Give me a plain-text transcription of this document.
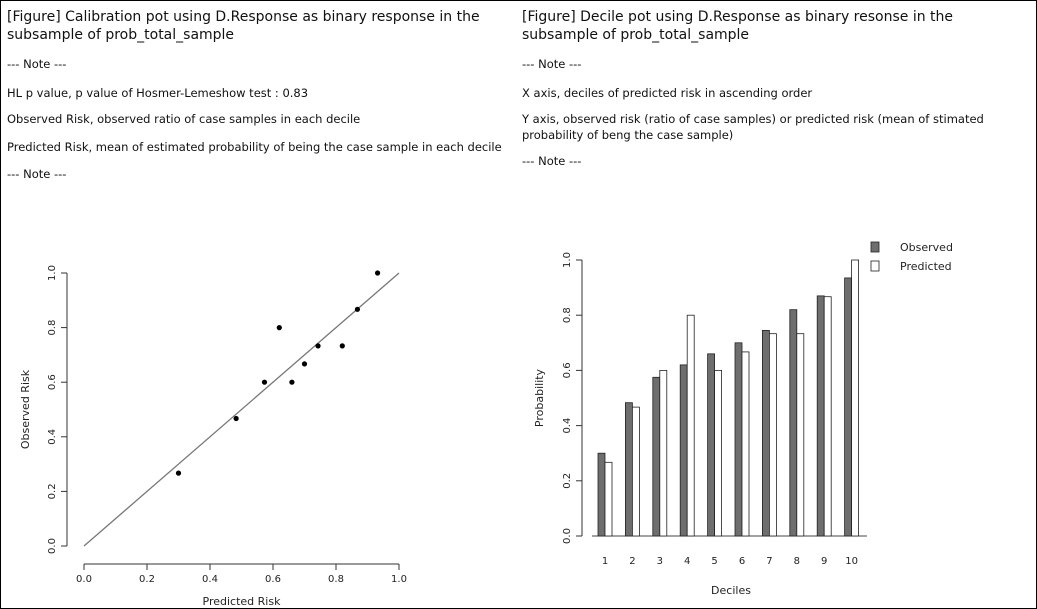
[Figure] Calibration pot using D.Response as binary response in the subsample of prob_total_sample

--- Note ---

HL p value, p value of Hosmer-Lemeshow test : 0.83

Observed Risk, observed ratio of case samples in each decile

Predicted Risk, mean of estimated probability of being the case sample in each decile

--- Note ---

0.0	0.2	0.4	0.6	0.8	1.0
0.0
0.2
0.4
0.6
0.8
1.0
Predicted Risk
Observed Risk

[Figure] Decile pot using D.Response as binary resonse in the subsample of prob_total_sample

--- Note ---

X axis, deciles of predicted risk in ascending order

Y axis, observed risk (ratio of case samples) or predicted risk (mean of stimated probability of beng the case sample)

--- Note ---

0.0
0.2
0.4
0.6
0.8
1.0
1 2 3 4 5 6 7 8 9 10
Observed
Predicted
Deciles
Probability
